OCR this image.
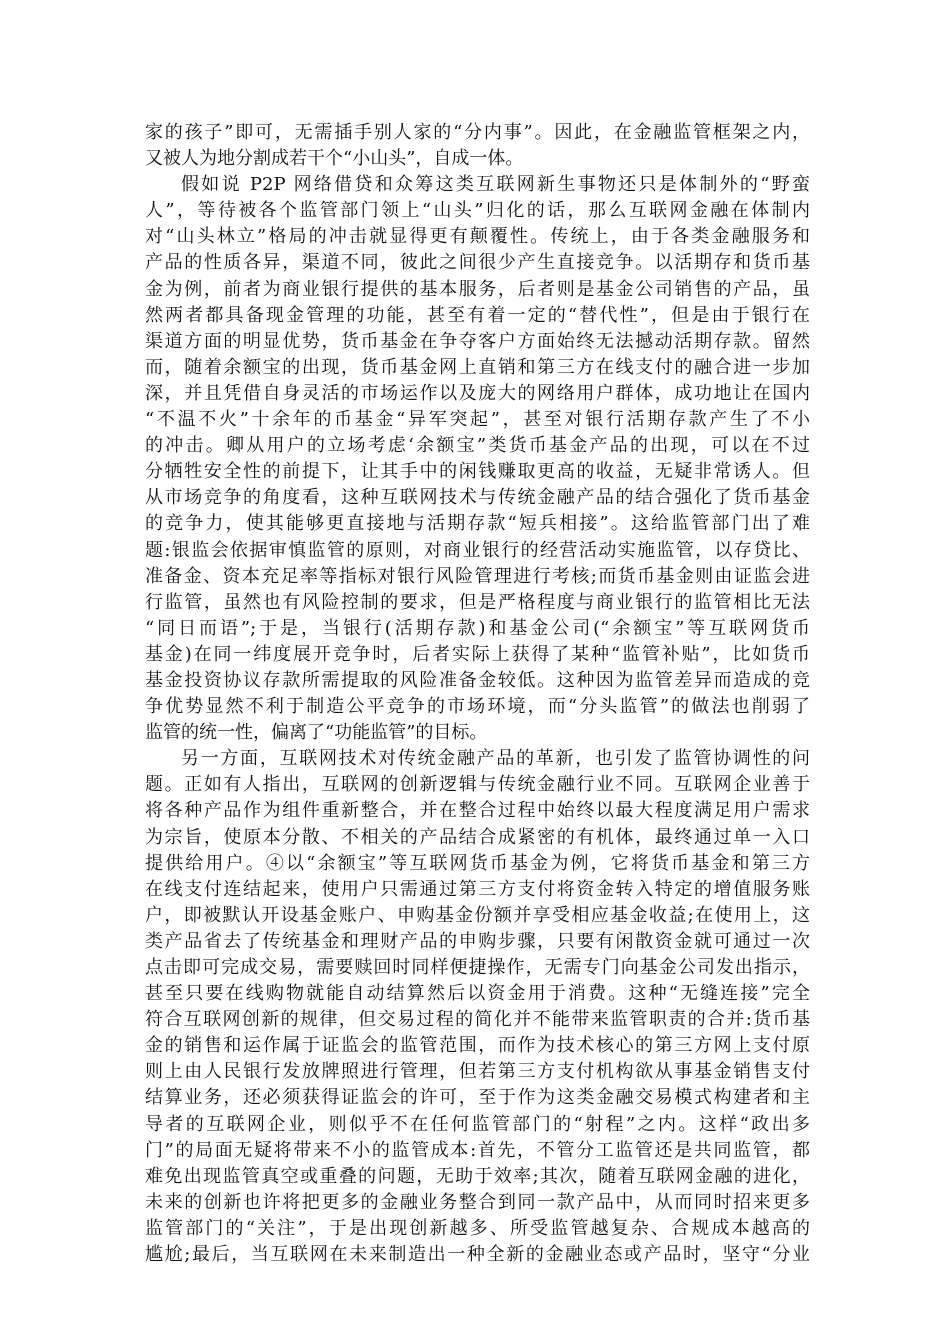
家的孩子”即可，无需插手别人家的“分内事”。因此，在金融监管框架之内，
又被人为地分割成若干个“小山头”，自成一体。
假如说 P2P 网络借贷和众筹这类互联网新生事物还只是体制外的“野蛮
人”，等待被各个监管部门领上“山头”归化的话，那么互联网金融在体制内
对“山头林立”格局的冲击就显得更有颠覆性。传统上，由于各类金融服务和
产品的性质各异，渠道不同，彼此之间很少产生直接竞争。以活期存和货币基
金为例，前者为商业银行提供的基本服务，后者则是基金公司销售的产品，虽
然两者都具备现金管理的功能，甚至有着一定的“替代性”，但是由于银行在
渠道方面的明显优势，货币基金在争夺客户方面始终无法撼动活期存款。留然
而，随着余额宝的出现，货币基金网上直销和第三方在线支付的融合进一步加
深，并且凭借自身灵活的市场运作以及庞大的网络用户群体，成功地让在国内
“不温不火”十余年的币基金“异军突起”，甚至对银行活期存款产生了不小
的冲击。卿从用户的立场考虑‘余额宝”类货币基金产品的出现，可以在不过
分牺牲安全性的前提下，让其手中的闲钱赚取更高的收益，无疑非常诱人。但
从市场竞争的角度看，这种互联网技术与传统金融产品的结合强化了货币基金
的竞争力，使其能够更直接地与活期存款“短兵相接”。这给监管部门出了难
题:银监会依据审慎监管的原则，对商业银行的经营活动实施监管，以存贷比、
准备金、资本充足率等指标对银行风险管理进行考核;而货币基金则由证监会进
行监管，虽然也有风险控制的要求，但是严格程度与商业银行的监管相比无法
“同日而语”;于是，当银行(活期存款)和基金公司(“余额宝”等互联网货币
基金)在同一纬度展开竞争时，后者实际上获得了某种“监管补贴”，比如货币
基金投资协议存款所需提取的风险准备金较低。这种因为监管差异而造成的竞
争优势显然不利于制造公平竞争的市场环境，而“分头监管”的做法也削弱了
监管的统一性，偏离了“功能监管”的目标。
另一方面，互联网技术对传统金融产品的革新，也引发了监管协调性的问
题。正如有人指出，互联网的创新逻辑与传统金融行业不同。互联网企业善于
将各种产品作为组件重新整合，并在整合过程中始终以最大程度满足用户需求
为宗旨，使原本分散、不相关的产品结合成紧密的有机体，最终通过单一入口
提供给用户。④以“余额宝”等互联网货币基金为例，它将货币基金和第三方
在线支付连结起来，使用户只需通过第三方支付将资金转入特定的增值服务账
户，即被默认开设基金账户、申购基金份额并享受相应基金收益;在使用上，这
类产品省去了传统基金和理财产品的申购步骤，只要有闲散资金就可通过一次
点击即可完成交易，需要赎回时同样便捷操作，无需专门向基金公司发出指示，
甚至只要在线购物就能自动结算然后以资金用于消费。这种“无缝连接”完全
符合互联网创新的规律，但交易过程的简化并不能带来监管职责的合并:货币基
金的销售和运作属于证监会的监管范围，而作为技术核心的第三方网上支付原
则上由人民银行发放牌照进行管理，但若第三方支付机构欲从事基金销售支付
结算业务，还必须获得证监会的许可，至于作为这类金融交易模式构建者和主
导者的互联网企业，则似乎不在任何监管部门的“射程”之内。这样“政出多
门”的局面无疑将带来不小的监管成本:首先，不管分工监管还是共同监管，都
难免出现监管真空或重叠的问题，无助于效率;其次，随着互联网金融的进化，
未来的创新也许将把更多的金融业务整合到同一款产品中，从而同时招来更多
监管部门的“关注”，于是出现创新越多、所受监管越复杂、合规成本越高的
尴尬;最后，当互联网在未来制造出一种全新的金融业态或产品时，坚守“分业
